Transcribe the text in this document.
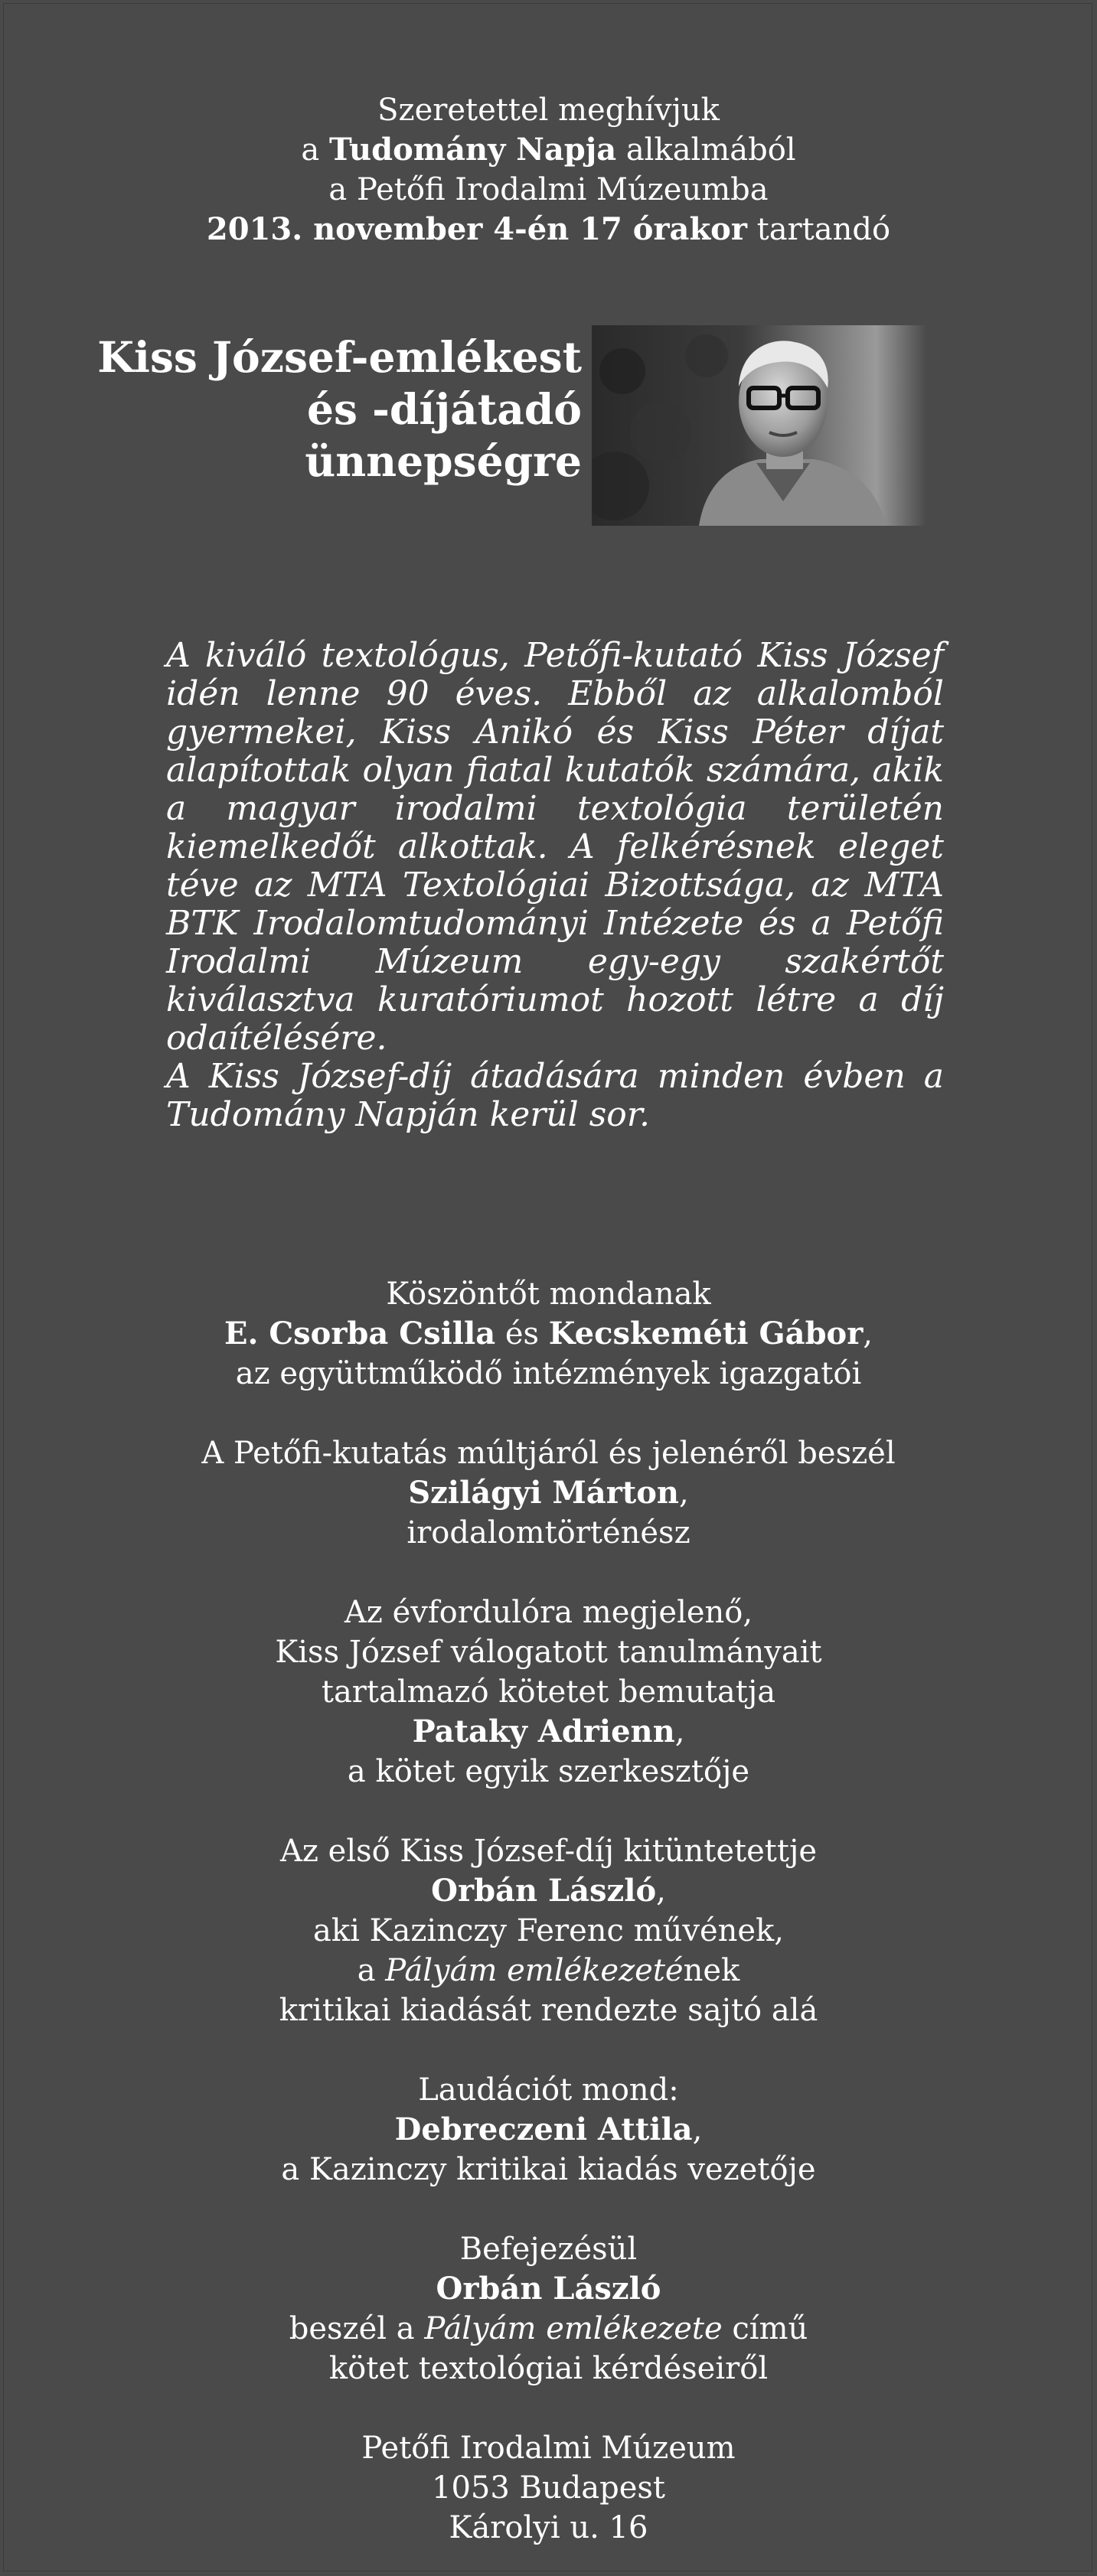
Szeretettel meghívjuk
a Tudomány Napja alkalmából
a Petőfi Irodalmi Múzeumba
2013. november 4-én 17 órakor tartandó
Kiss József-emlékest
és -díjátadó
ünnepségre

A kiváló textológus, Petőfi-kutató Kiss József idén lenne 90 éves. Ebből az alkalomból gyermekei, Kiss Anikó és Kiss Péter díjat alapítottak olyan fiatal kutatók számára, akik a magyar irodalmi textológia területén kiemelkedőt alkottak. A felkérésnek eleget téve az MTA Textológiai Bizottsága, az MTA BTK Irodalomtudományi Intézete és a Petőfi Irodalmi Múzeum egy-egy szakértőt kiválasztva kuratóriumot hozott létre a díj odaítélésére.

A Kiss József-díj átadására minden évben a Tudomány Napján kerül sor.

Köszöntőt mondanak
E. Csorba Csilla és Kecskeméti Gábor,
az együttműködő intézmények igazgatói
A Petőfi-kutatás múltjáról és jelenéről beszél
Szilágyi Márton,
irodalomtörténész
Az évfordulóra megjelenő,
Kiss József válogatott tanulmányait
tartalmazó kötetet bemutatja
Pataky Adrienn,
a kötet egyik szerkesztője
Az első Kiss József-díj kitüntetettje
Orbán László,
aki Kazinczy Ferenc művének,
a Pályám emlékezetének
kritikai kiadását rendezte sajtó alá
Laudációt mond:
Debreczeni Attila,
a Kazinczy kritikai kiadás vezetője
Befejezésül
Orbán László
beszél a Pályám emlékezete című
kötet textológiai kérdéseiről
Petőfi Irodalmi Múzeum
1053 Budapest
Károlyi u. 16
